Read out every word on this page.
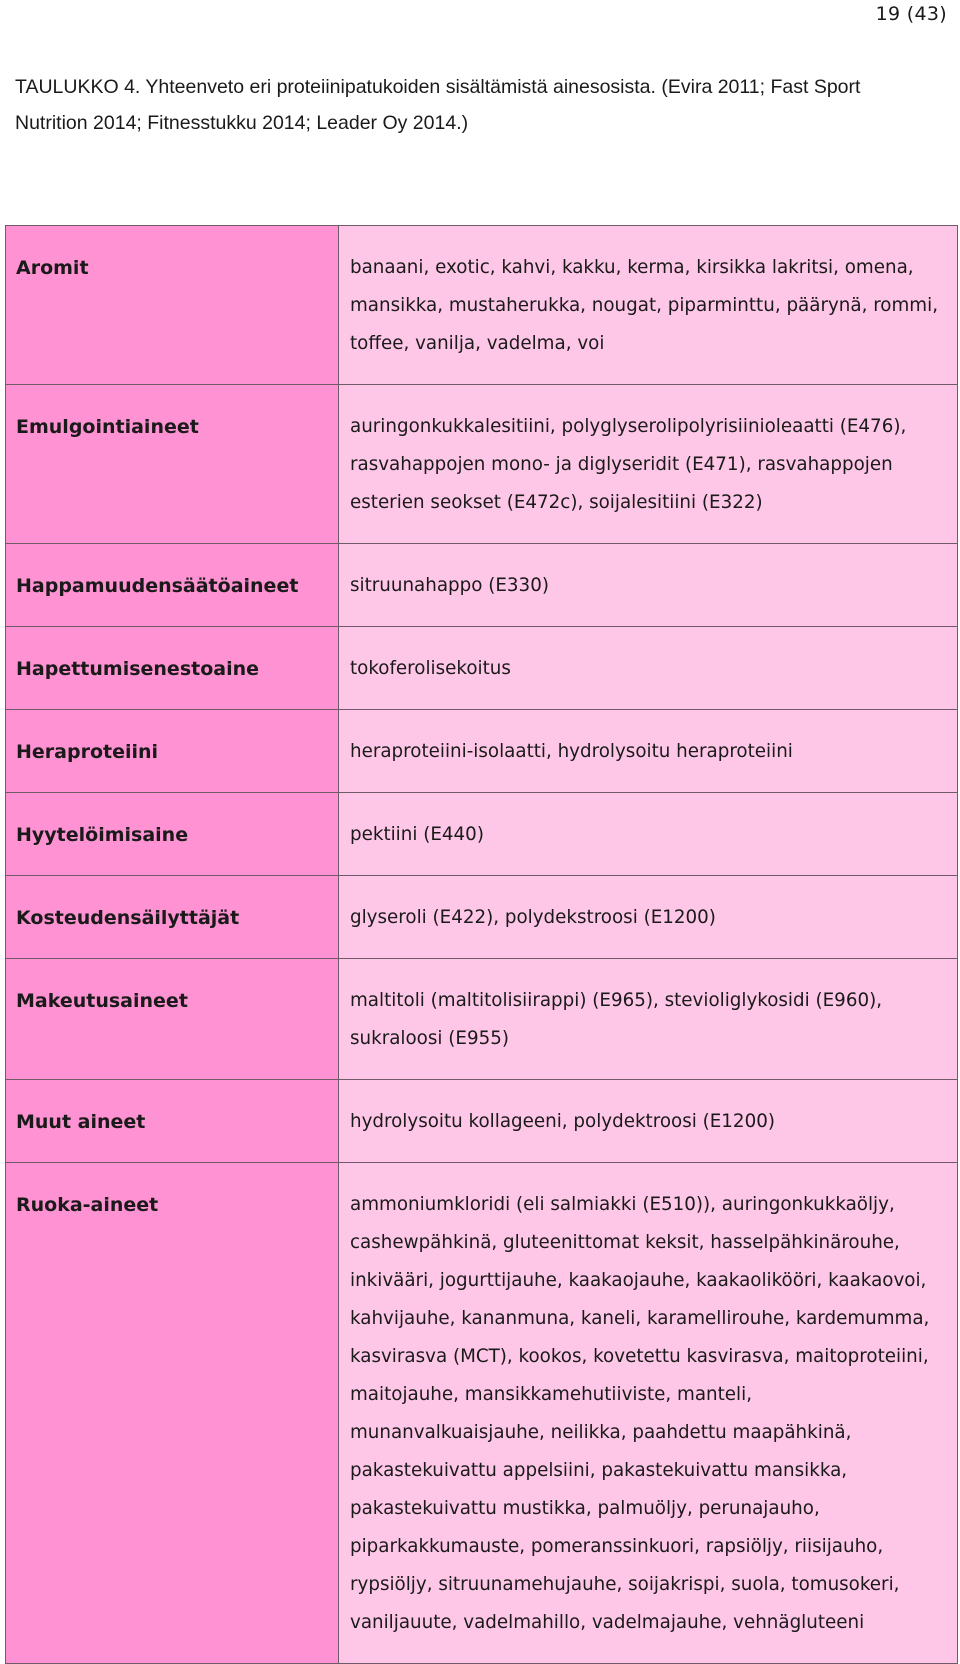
19 (43)
TAULUKKO 4. Yhteenveto eri proteiinipatukoiden sisältämistä ainesosista. (Evira 2011; Fast Sport Nutrition 2014; Fitnesstukku 2014; Leader Oy 2014.)
Aromit	banaani, exotic, kahvi, kakku, kerma, kirsikka lakritsi, omena, mansikka, mustaherukka, nougat, piparminttu, päärynä, rommi, toffee, vanilja, vadelma, voi

Emulgointiaineet	auringonkukkalesitiini, polyglyserolipolyrisiinioleaatti (E476), rasvahappojen mono- ja diglyseridit (E471), rasvahappojen esterien seokset (E472c), soijalesitiini (E322)

Happamuudensäätöaineet	sitruunahappo (E330)

Hapettumisenestoaine	tokoferolisekoitus

Heraproteiini	heraproteiini-isolaatti, hydrolysoitu heraproteiini

Hyytelöimisaine	pektiini (E440)

Kosteudensäilyttäjät	glyseroli (E422), polydekstroosi (E1200)

Makeutusaineet	maltitoli (maltitolisiirappi) (E965), stevioliglykosidi (E960), sukraloosi (E955)

Muut aineet	hydrolysoitu kollageeni, polydektroosi (E1200)

Ruoka-aineet	ammoniumkloridi (eli salmiakki (E510)), auringonkukkaöljy, cashewpähkinä, gluteenittomat keksit, hasselpähkinärouhe, inkivääri, jogurttijauhe, kaakaojauhe, kaakaolikööri, kaakaovoi, kahvijauhe, kananmuna, kaneli, karamellirouhe, kardemumma, kasvirasva (MCT), kookos, kovetettu kasvirasva, maitoproteiini, maitojauhe, mansikkamehutiiviste, manteli, munanvalkuaisjauhe, neilikka, paahdettu maapähkinä, pakastekuivattu appelsiini, pakastekuivattu mansikka, pakastekuivattu mustikka, palmuöljy, perunajauho, piparkakkumauste, pomeranssinkuori, rapsiöljy, riisijauho, rypsiöljy, sitruunamehujauhe, soijakrispi, suola, tomusokeri, vaniljauute, vadelmahillo, vadelmajauhe, vehnägluteeni
